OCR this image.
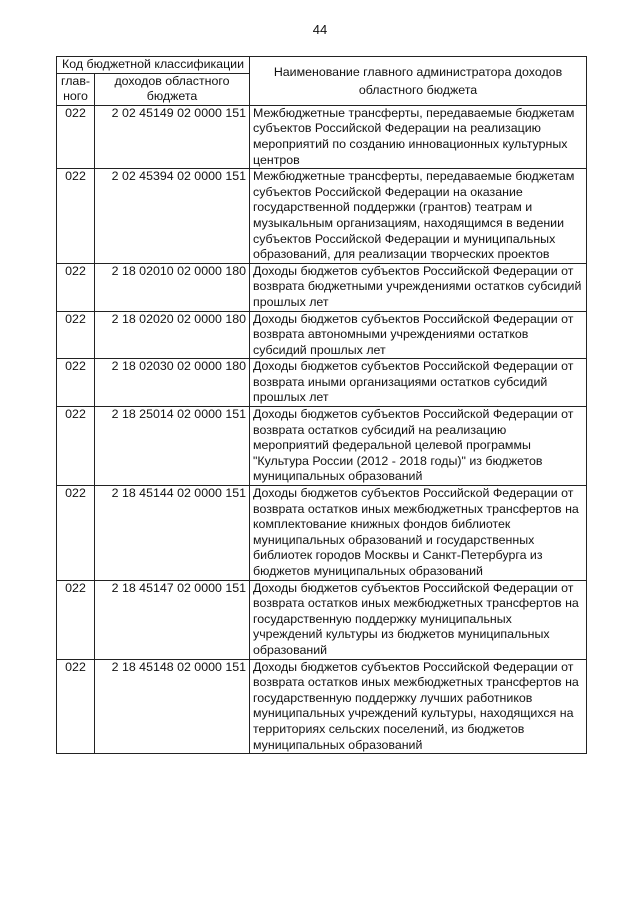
44
Код бюджетной классификации		Наименование главного администратора доходов областного бюджета
глав-ного	доходов областного бюджета	
022	2 02 45149 02 0000 151	Межбюджетные трансферты, передаваемые бюджетам субъектов Российской Федерации на реализацию мероприятий по созданию инновационных культурных центров
022	2 02 45394 02 0000 151	Межбюджетные трансферты, передаваемые бюджетам субъектов Российской Федерации на оказание государственной поддержки (грантов) театрам и музыкальным организациям, находящимся в ведении субъектов Российской Федерации и муниципальных образований, для реализации творческих проектов
022	2 18 02010 02 0000 180	Доходы бюджетов субъектов Российской Федерации от возврата бюджетными учреждениями остатков субсидий прошлых лет
022	2 18 02020 02 0000 180	Доходы бюджетов субъектов Российской Федерации от возврата автономными учреждениями остатков субсидий прошлых лет
022	2 18 02030 02 0000 180	Доходы бюджетов субъектов Российской Федерации от возврата иными организациями остатков субсидий прошлых лет
022	2 18 25014 02 0000 151	Доходы бюджетов субъектов Российской Федерации от возврата остатков субсидий на реализацию мероприятий федеральной целевой программы "Культура России (2012 - 2018 годы)" из бюджетов муниципальных образований
022	2 18 45144 02 0000 151	Доходы бюджетов субъектов Российской Федерации от возврата остатков иных межбюджетных трансфертов на комплектование книжных фондов библиотек муниципальных образований и государственных библиотек городов Москвы и Санкт-Петербурга из бюджетов муниципальных образований
022	2 18 45147 02 0000 151	Доходы бюджетов субъектов Российской Федерации от возврата остатков иных межбюджетных трансфертов на государственную поддержку муниципальных учреждений культуры из бюджетов муниципальных образований
022	2 18 45148 02 0000 151	Доходы бюджетов субъектов Российской Федерации от возврата остатков иных межбюджетных трансфертов на государственную поддержку лучших работников муниципальных учреждений культуры, находящихся на территориях сельских поселений, из бюджетов муниципальных образований
